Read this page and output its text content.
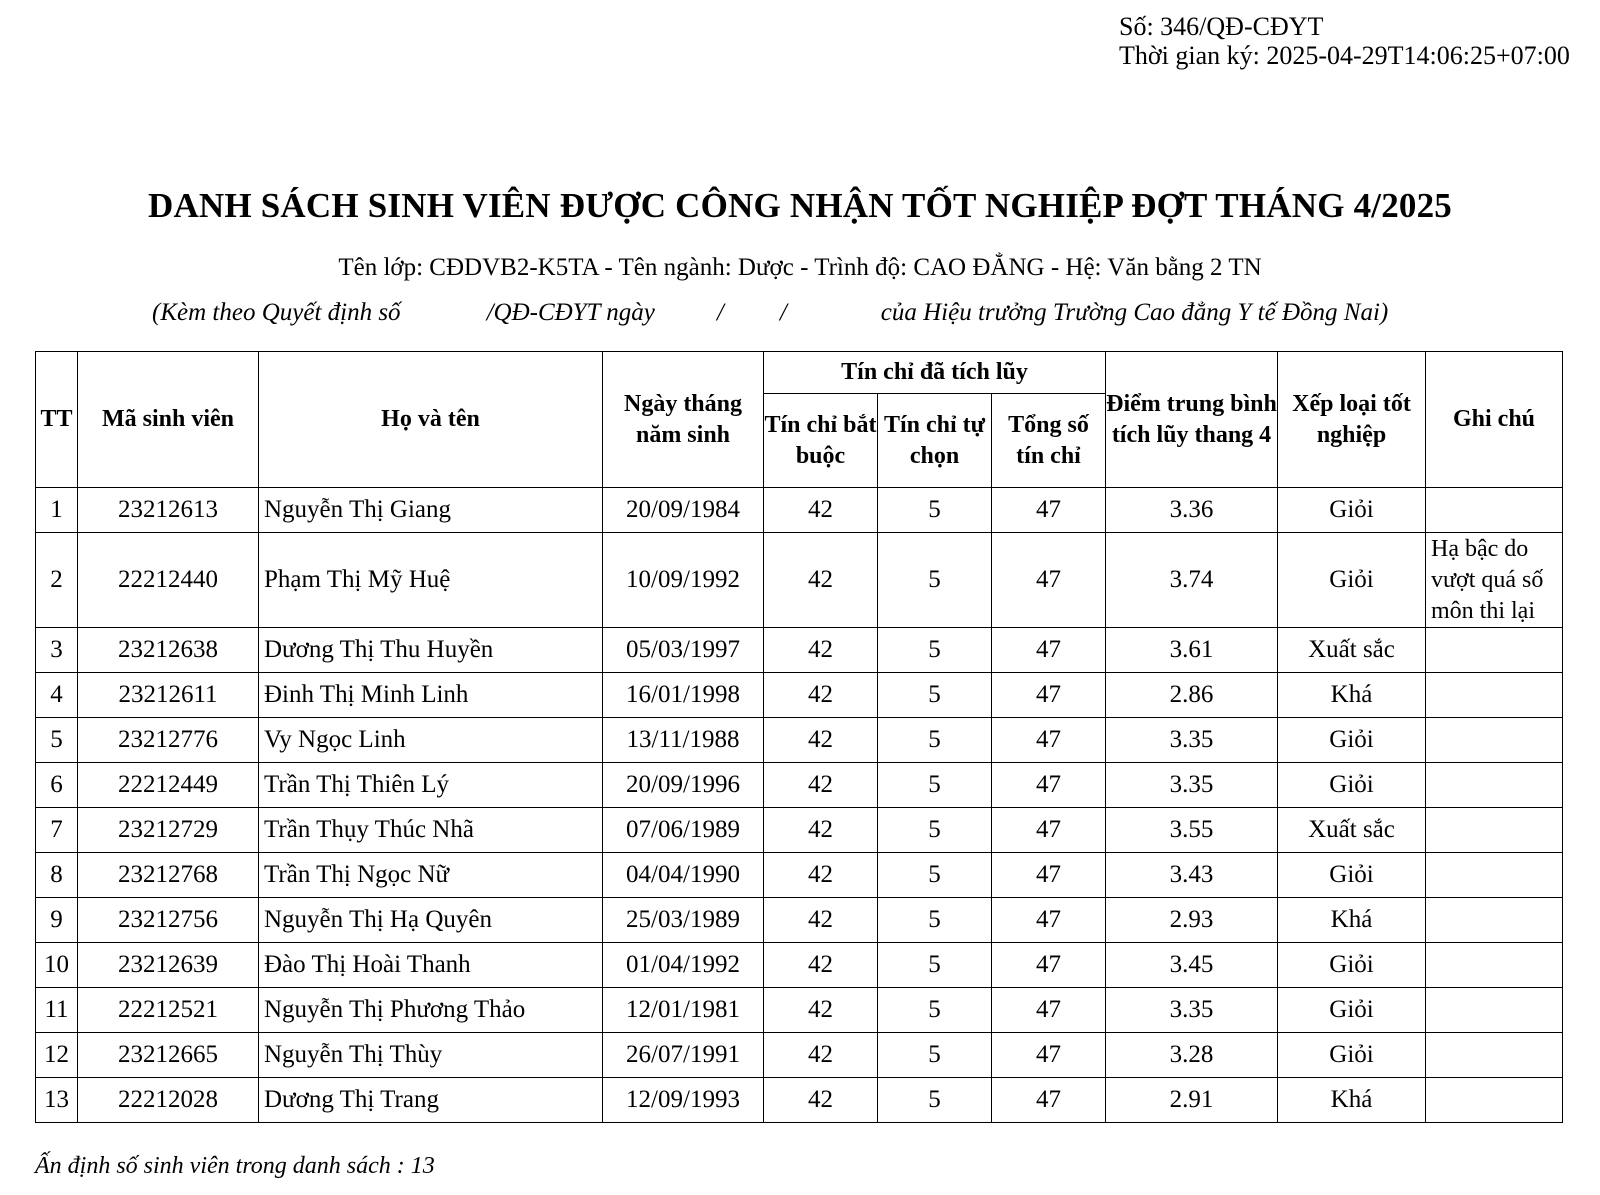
Số: 346/QĐ-CĐYT
Thời gian ký: 2025-04-29T14:06:25+07:00
DANH SÁCH SINH VIÊN ĐƯỢC CÔNG NHẬN TỐT NGHIỆP ĐỢT THÁNG 4/2025
Tên lớp: CĐDVB2-K5TA - Tên ngành: Dược - Trình độ: CAO ĐẲNG - Hệ: Văn bằng 2 TN
(Kèm theo Quyết định số	/QĐ-CĐYT ngày / /	của Hiệu trưởng Trường Cao đẳng Y tế Đồng Nai)
TT	Mã sinh viên	Họ và tên	Ngày tháng năm sinh	Tín chỉ đã tích lũy			Điểm trung bình tích lũy thang 4	Xếp loại tốt nghiệp	Ghi chú
				Tín chỉ bắt buộc	Tín chỉ tự chọn	Tổng số tín chỉ			
1	23212613	Nguyễn Thị Giang	20/09/1984	42	5	47	3.36	Giỏi	
2	22212440	Phạm Thị Mỹ Huệ	10/09/1992	42	5	47	3.74	Giỏi	Hạ bậc do vượt quá số môn thi lại
3	23212638	Dương Thị Thu Huyền	05/03/1997	42	5	47	3.61	Xuất sắc	
4	23212611	Đinh Thị Minh Linh	16/01/1998	42	5	47	2.86	Khá	
5	23212776	Vy Ngọc Linh	13/11/1988	42	5	47	3.35	Giỏi	
6	22212449	Trần Thị Thiên Lý	20/09/1996	42	5	47	3.35	Giỏi	
7	23212729	Trần Thụy Thúc Nhã	07/06/1989	42	5	47	3.55	Xuất sắc	
8	23212768	Trần Thị Ngọc Nữ	04/04/1990	42	5	47	3.43	Giỏi	
9	23212756	Nguyễn Thị Hạ Quyên	25/03/1989	42	5	47	2.93	Khá	
10	23212639	Đào Thị Hoài Thanh	01/04/1992	42	5	47	3.45	Giỏi	
11	22212521	Nguyễn Thị Phương Thảo	12/01/1981	42	5	47	3.35	Giỏi	
12	23212665	Nguyễn Thị Thùy	26/07/1991	42	5	47	3.28	Giỏi	
13	22212028	Dương Thị Trang	12/09/1993	42	5	47	2.91	Khá	
Ấn định số sinh viên trong danh sách : 13
